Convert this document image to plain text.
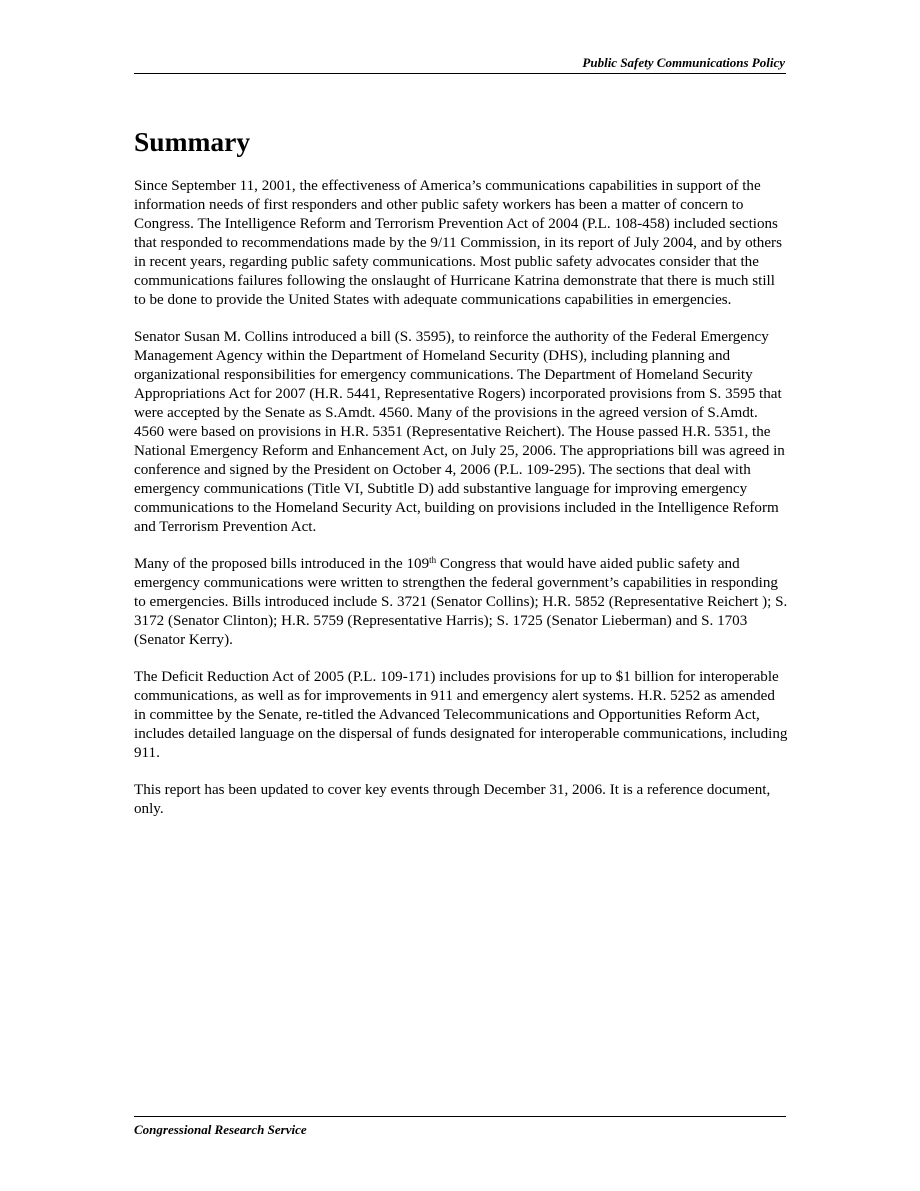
Public Safety Communications Policy
Summary

Since September 11, 2001, the effectiveness of America’s communications capabilities in support of the information needs of first responders and other public safety workers has been a matter of concern to Congress. The Intelligence Reform and Terrorism Prevention Act of 2004 (P.L. 108-458) included sections that responded to recommendations made by the 9/11 Commission, in its report of July 2004, and by others in recent years, regarding public safety communications. Most public safety advocates consider that the communications failures following the onslaught of Hurricane Katrina demonstrate that there is much still to be done to provide the United States with adequate communications capabilities in emergencies.

Senator Susan M. Collins introduced a bill (S. 3595), to reinforce the authority of the Federal Emergency Management Agency within the Department of Homeland Security (DHS), including planning and organizational responsibilities for emergency communications. The Department of Homeland Security Appropriations Act for 2007 (H.R. 5441, Representative Rogers) incorporated provisions from S. 3595 that were accepted by the Senate as S.Amdt. 4560. Many of the provisions in the agreed version of S.Amdt. 4560 were based on provisions in H.R. 5351 (Representative Reichert). The House passed H.R. 5351, the National Emergency Reform and Enhancement Act, on July 25, 2006. The appropriations bill was agreed in conference and signed by the President on October 4, 2006 (P.L. 109-295). The sections that deal with emergency communications (Title VI, Subtitle D) add substantive language for improving emergency communications to the Homeland Security Act, building on provisions included in the Intelligence Reform and Terrorism Prevention Act.

Many of the proposed bills introduced in the 109th Congress that would have aided public safety and emergency communications were written to strengthen the federal government’s capabilities in responding to emergencies. Bills introduced include S. 3721 (Senator Collins); H.R. 5852 (Representative Reichert ); S. 3172 (Senator Clinton); H.R. 5759 (Representative Harris); S. 1725 (Senator Lieberman) and S. 1703 (Senator Kerry).

The Deficit Reduction Act of 2005 (P.L. 109-171) includes provisions for up to $1 billion for interoperable communications, as well as for improvements in 911 and emergency alert systems. H.R. 5252 as amended in committee by the Senate, re-titled the Advanced Telecommunications and Opportunities Reform Act, includes detailed language on the dispersal of funds designated for interoperable communications, including 911.

This report has been updated to cover key events through December 31, 2006. It is a reference document, only.

Congressional Research Service
